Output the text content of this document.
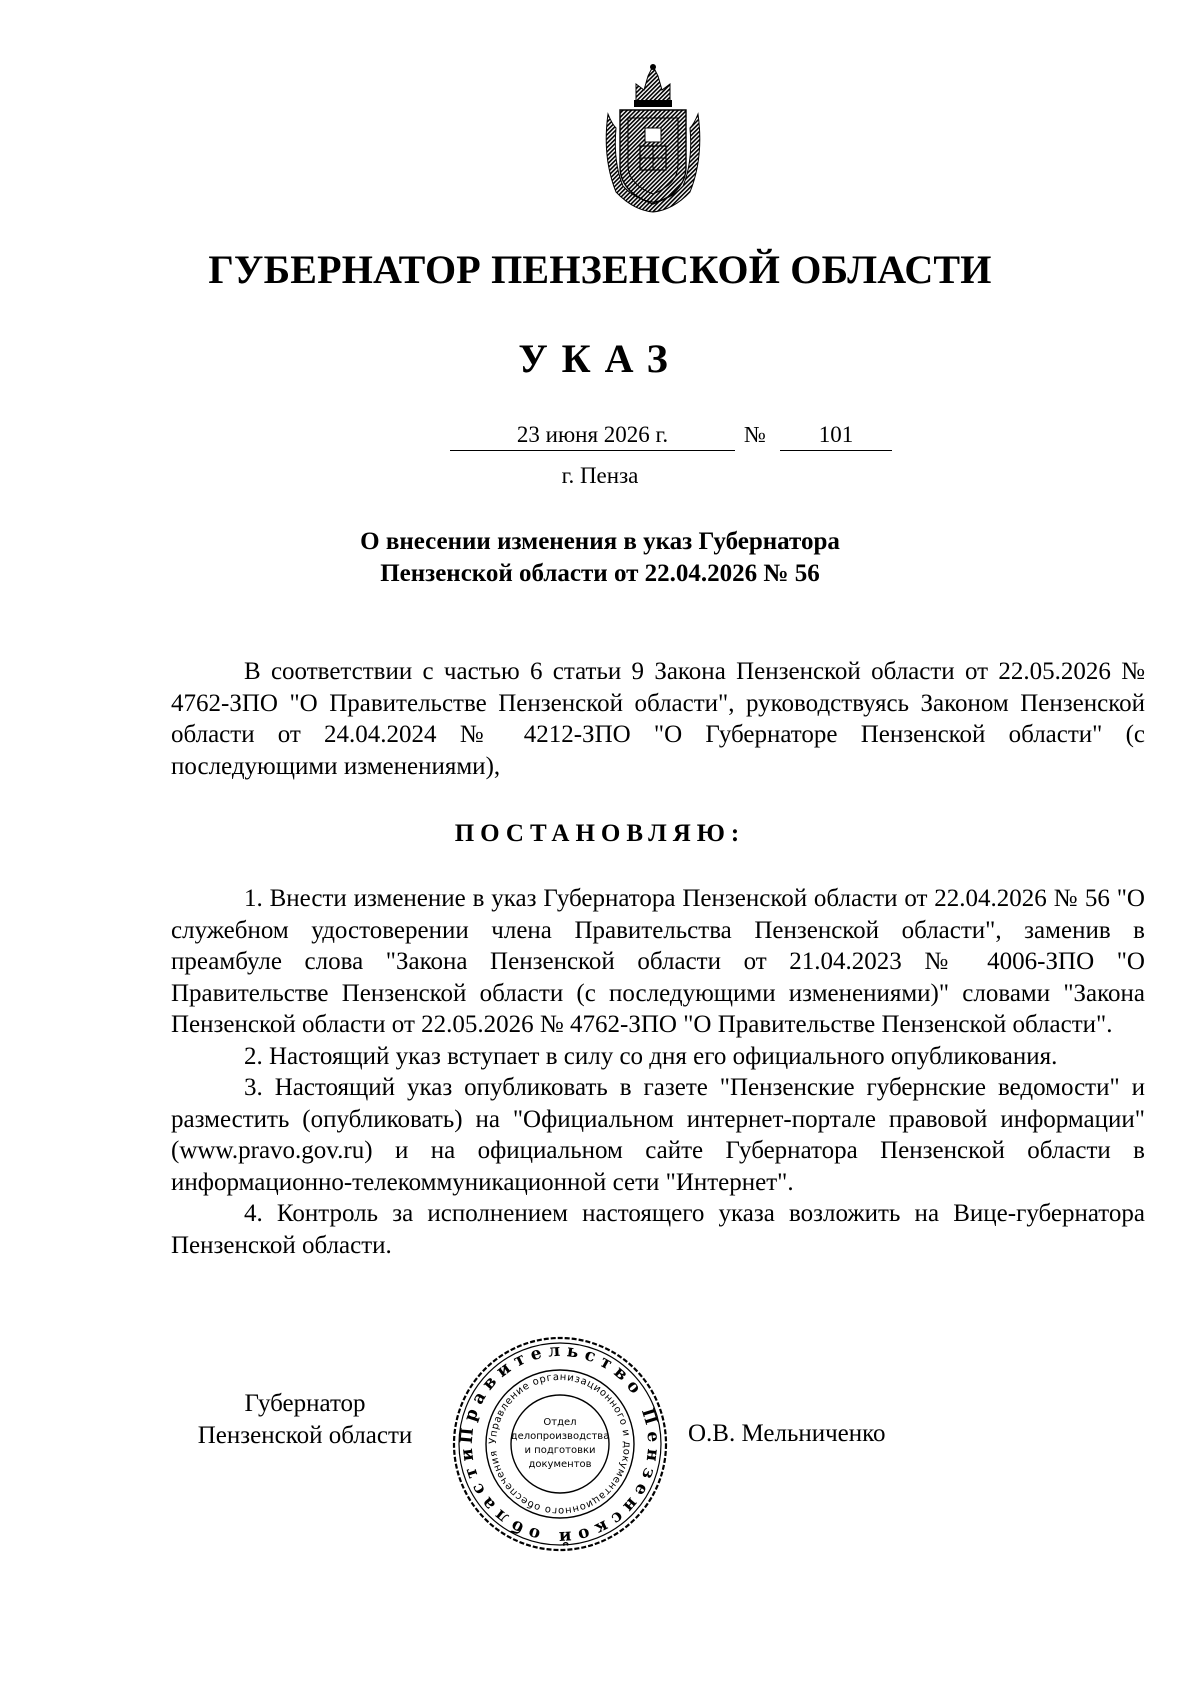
ГУБЕРНАТОР ПЕНЗЕНСКОЙ ОБЛАСТИ
УКАЗ
23 июня 2026 г.	№	101
г. Пенза
О внесении изменения в указ Губернатора
Пензенской области от 22.04.2026 № 56

В соответствии с частью 6 статьи 9 Закона Пензенской области от 22.05.2026 № 4762-ЗПО "О Правительстве Пензенской области", руководствуясь Законом Пензенской области от 24.04.2024 № 4212-ЗПО "О Губернаторе Пензенской области" (с последующими изменениями),

ПОСТАНОВЛЯЮ:

1. Внести изменение в указ Губернатора Пензенской области от 22.04.2026 № 56 "О служебном удостоверении члена Правительства Пензенской области", заменив в преамбуле слова "Закона Пензенской области от 21.04.2023 № 4006-ЗПО "О Правительстве Пензенской области (с последующими изменениями)" словами "Закона Пензенской области от 22.05.2026 № 4762-ЗПО "О Правительстве Пензенской области".

2. Настоящий указ вступает в силу со дня его официального опубликования.

3. Настоящий указ опубликовать в газете "Пензенские губернские ведомости" и разместить (опубликовать) на "Официальном интернет-портале правовой информации" (www.pravo.gov.ru) и на официальном сайте Губернатора Пензенской области в информационно-телекоммуникационной сети "Интернет".

4. Контроль за исполнением настоящего указа возложить на Вице-губернатора Пензенской области.

Губернатор
Пензенской области	Правительство Пензенской области
Управление организационного и документационного обеспечения
Отдел
делопроизводства
и подготовки
документов
О.В. Мельниченко
